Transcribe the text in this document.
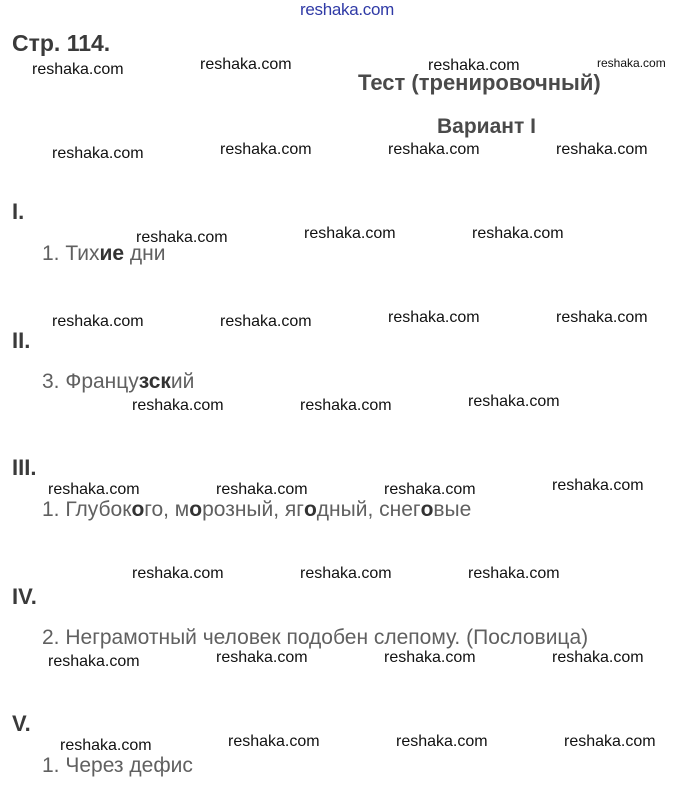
reshaka.com
Стр. 114.
Тест (тренировочный)
Вариант I
I.
1. Тихие дни
II.
3. Французский
III.
1. Глубокого, морозный, ягодный, снеговые
IV.
2. Неграмотный человек подобен слепому. (Пословица)
V.
1. Через дефис
reshaka.com	reshaka.com	reshaka.com	reshaka.com
reshaka.com	reshaka.com	reshaka.com	reshaka.com
reshaka.com	reshaka.com	reshaka.com
reshaka.com	reshaka.com	reshaka.com	reshaka.com
reshaka.com	reshaka.com	reshaka.com
reshaka.com	reshaka.com	reshaka.com	reshaka.com
reshaka.com	reshaka.com	reshaka.com
reshaka.com	reshaka.com	reshaka.com	reshaka.com
reshaka.com	reshaka.com	reshaka.com	reshaka.com
